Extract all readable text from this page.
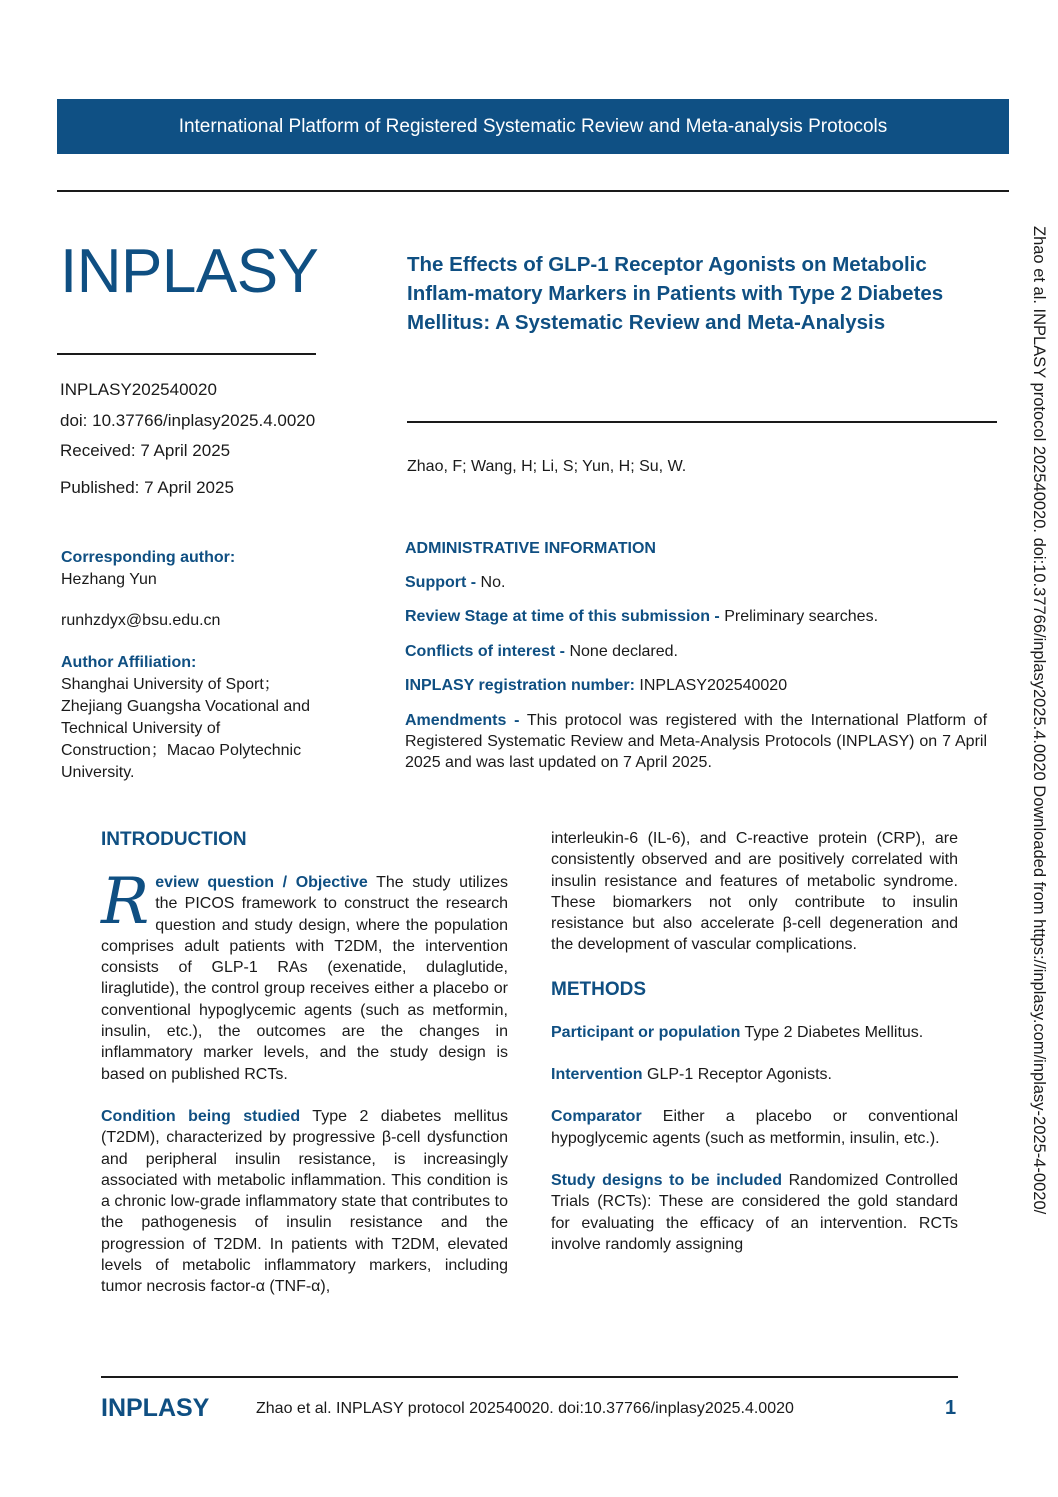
International Platform of Registered Systematic Review and Meta-analysis Protocols
INPLASY
INPLASY202540020
doi: 10.37766/inplasy2025.4.0020
Received: 7 April 2025
Published: 7 April 2025
Corresponding author:
Hezhang Yun
runhzdyx@bsu.edu.cn
Author Affiliation:
Shanghai University of Sport；
Zhejiang Guangsha Vocational and
Technical University of
Construction；Macao Polytechnic
University.
The Effects of GLP-1 Receptor Agonists on Metabolic Inflam-matory Markers in Patients with Type 2 Diabetes Mellitus: A Systematic Review and Meta-Analysis
Zhao, F; Wang, H; Li, S; Yun, H; Su, W.
ADMINISTRATIVE INFORMATION
Support - No.
Review Stage at time of this submission - Preliminary searches.
Conflicts of interest - None declared.
INPLASY registration number: INPLASY202540020
Amendments - This protocol was registered with the International Platform of Registered Systematic Review and Meta-Analysis Protocols (INPLASY) on 7 April 2025 and was last updated on 7 April 2025.
INTRODUCTION

Review question / Objective The study utilizes the PICOS framework to construct the research question and study design, where the population comprises adult patients with T2DM, the intervention consists of GLP-1 RAs (exenatide, dulaglutide, liraglutide), the control group receives either a placebo or conventional hypoglycemic agents (such as metformin, insulin, etc.), the outcomes are the changes in inflammatory marker levels, and the study design is based on published RCTs.

Condition being studied Type 2 diabetes mellitus (T2DM), characterized by progressive β-cell dysfunction and peripheral insulin resistance, is increasingly associated with metabolic inflammation. This condition is a chronic low-grade inflammatory state that contributes to the pathogenesis of insulin resistance and the progression of T2DM. In patients with T2DM, elevated levels of metabolic inflammatory markers, including tumor necrosis factor-α (TNF-α),

interleukin-6 (IL-6), and C-reactive protein (CRP), are consistently observed and are positively correlated with insulin resistance and features of metabolic syndrome. These biomarkers not only contribute to insulin resistance but also accelerate β-cell degeneration and the development of vascular complications.

METHODS

Participant or population Type 2 Diabetes Mellitus.

Intervention GLP-1 Receptor Agonists.

Comparator Either a placebo or conventional hypoglycemic agents (such as metformin, insulin, etc.).

Study designs to be included Randomized Controlled Trials (RCTs): These are considered the gold standard for evaluating the efficacy of an intervention. RCTs involve randomly assigning

Zhao et al. INPLASY protocol 202540020. doi:10.37766/inplasy2025.4.0020 Downloaded from https://inplasy.com/inplasy-2025-4-0020/
INPLASY	Zhao et al. INPLASY protocol 202540020. doi:10.37766/inplasy2025.4.0020	1
